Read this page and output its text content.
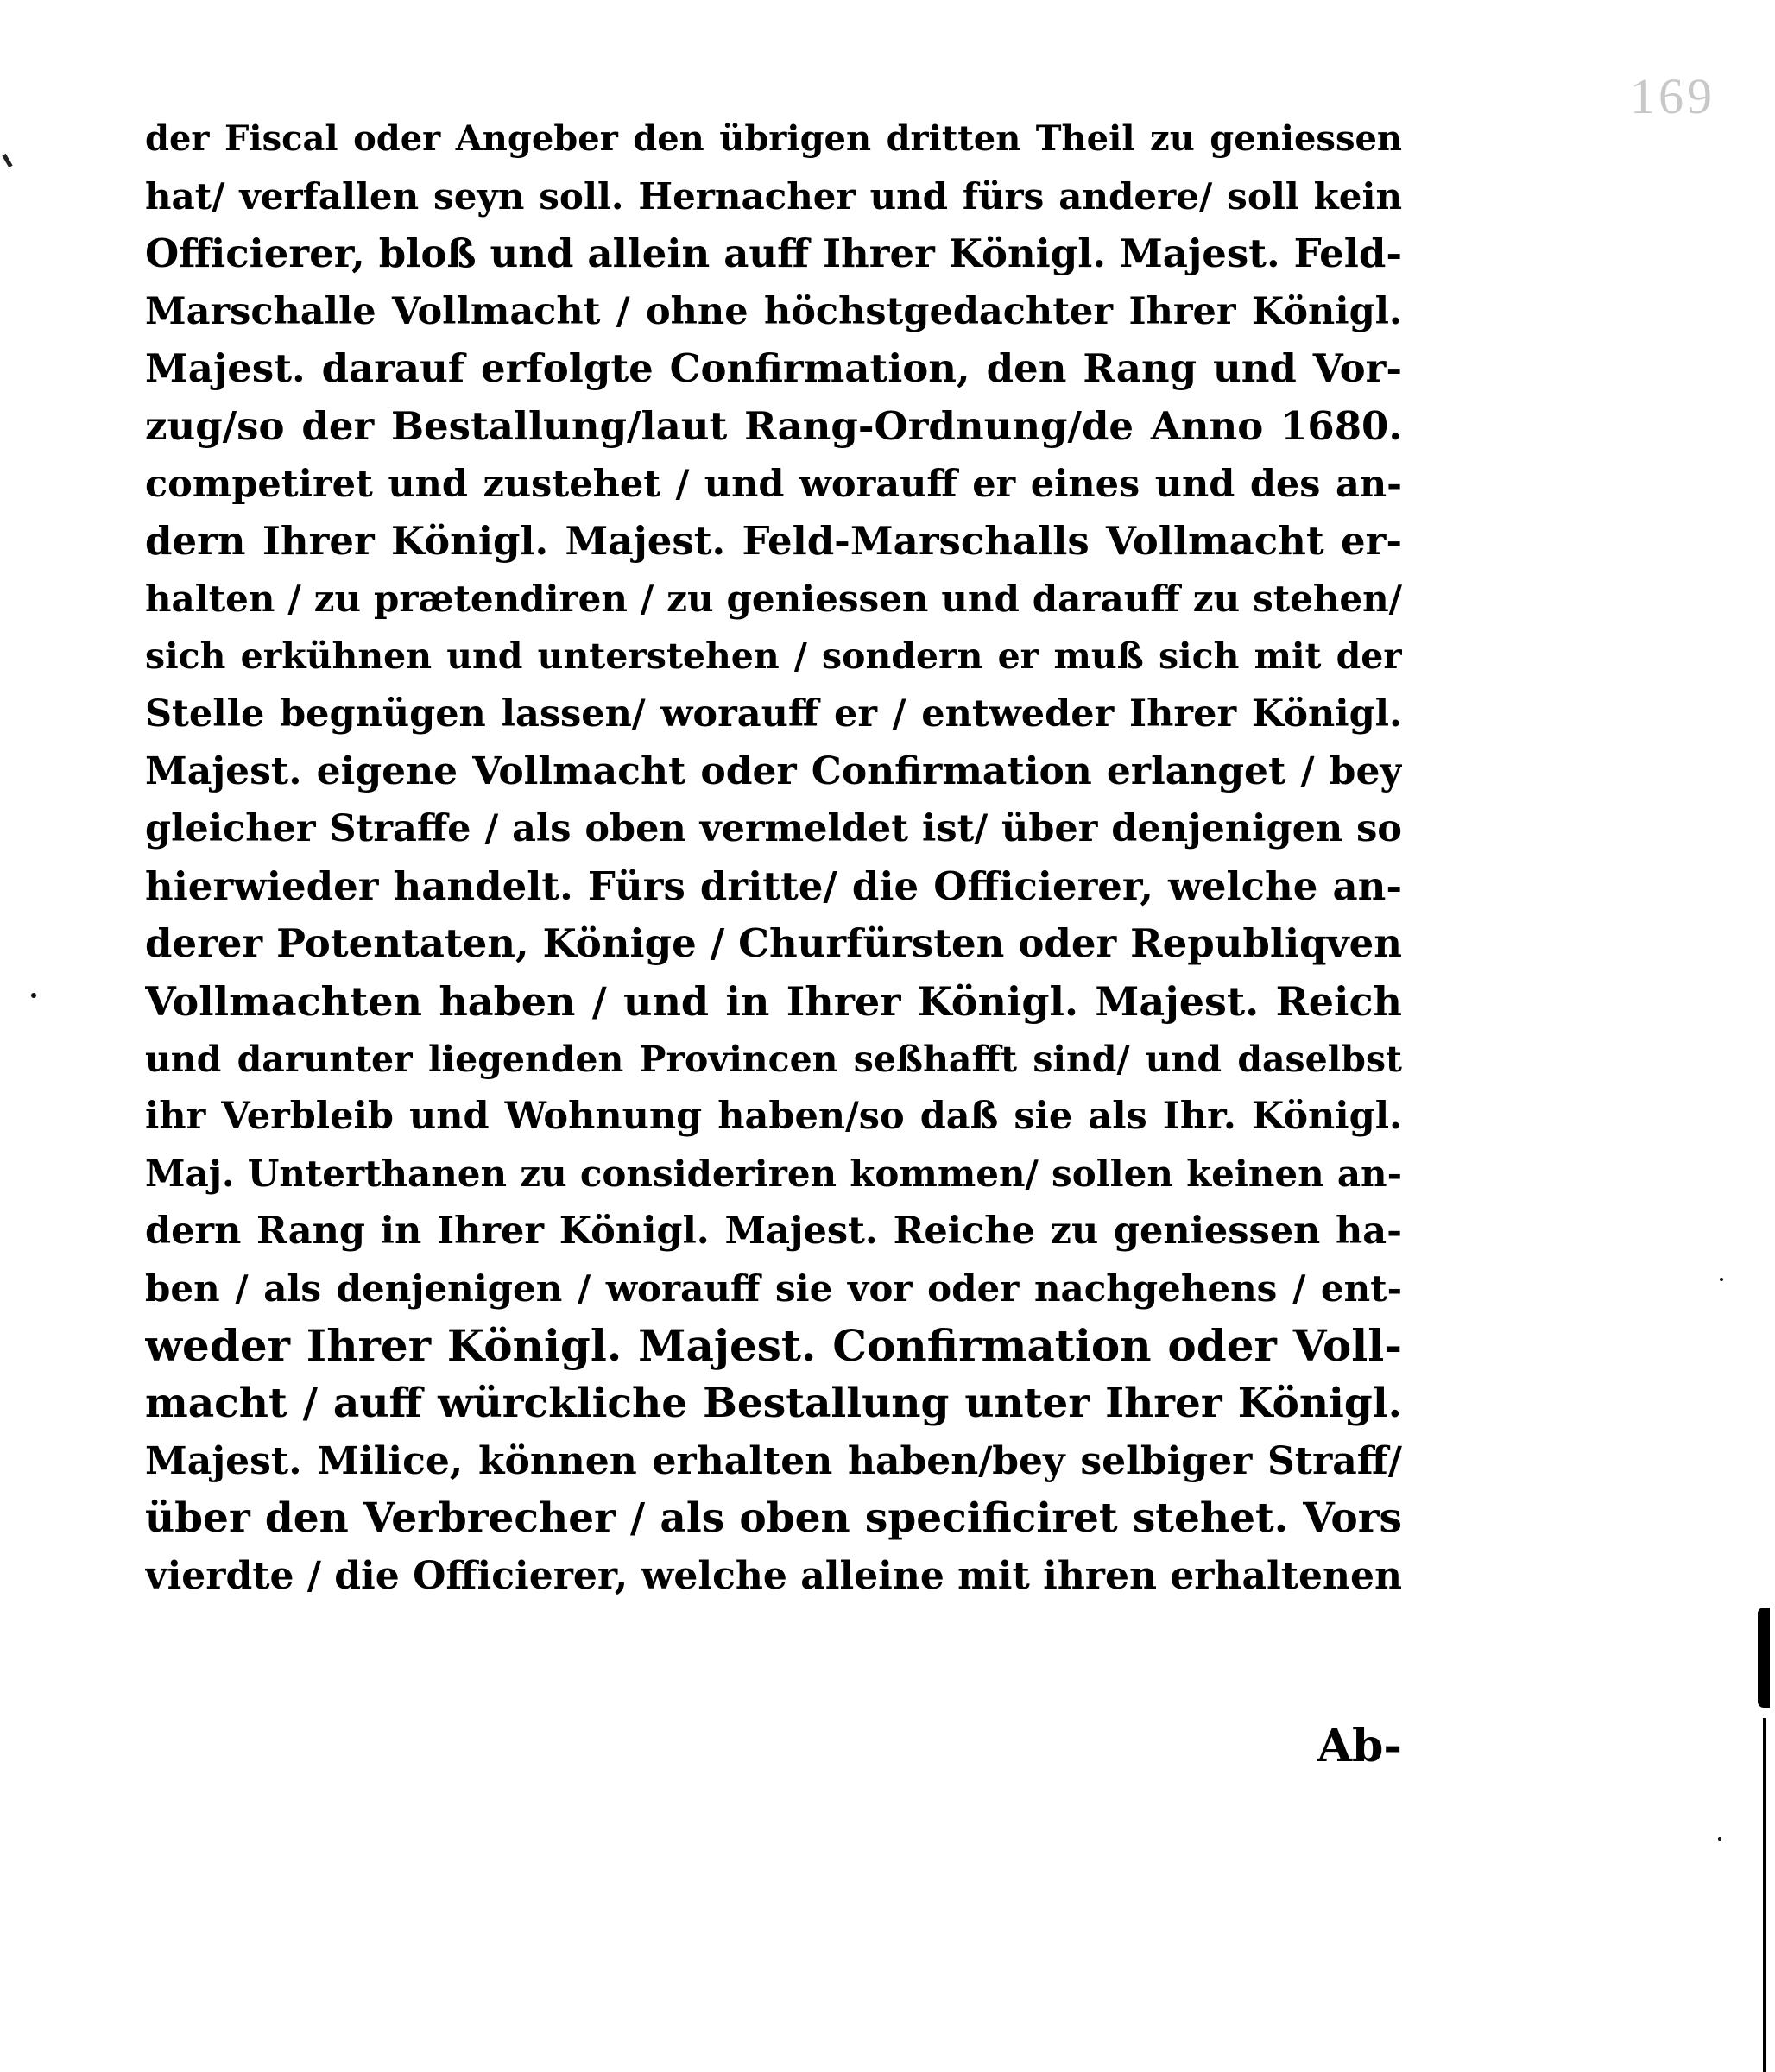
169
der Fiscal oder Angeber den übrigen dritten Theil zu geniessen
hat/ verfallen seyn soll. Hernacher und fürs andere/ soll kein
Officierer, bloß und allein auff Ihrer Königl. Majest. Feld-
Marschalle Vollmacht / ohne höchstgedachter Ihrer Königl.
Majest. darauf erfolgte Confirmation, den Rang und Vor-
zug/so der Bestallung/laut Rang-Ordnung/de Anno 1680.
competiret und zustehet / und worauff er eines und des an-
dern Ihrer Königl. Majest. Feld-Marschalls Vollmacht er-
halten / zu prætendiren / zu geniessen und darauff zu stehen/
sich erkühnen und unterstehen / sondern er muß sich mit der
Stelle begnügen lassen/ worauff er / entweder Ihrer Königl.
Majest. eigene Vollmacht oder Confirmation erlanget / bey
gleicher Straffe / als oben vermeldet ist/ über denjenigen so
hierwieder handelt. Fürs dritte/ die Officierer, welche an-
derer Potentaten, Könige / Churfürsten oder Republiqven
Vollmachten haben / und in Ihrer Königl. Majest. Reich
und darunter liegenden Provincen seßhafft sind/ und daselbst
ihr Verbleib und Wohnung haben/so daß sie als Ihr. Königl.
Maj. Unterthanen zu consideriren kommen/ sollen keinen an-
dern Rang in Ihrer Königl. Majest. Reiche zu geniessen ha-
ben / als denjenigen / worauff sie vor oder nachgehens / ent-
weder Ihrer Königl. Majest. Confirmation oder Voll-
macht / auff würckliche Bestallung unter Ihrer Königl.
Majest. Milice, können erhalten haben/bey selbiger Straff/
über den Verbrecher / als oben specificiret stehet. Vors
vierdte / die Officierer, welche alleine mit ihren erhaltenen
Ab-
